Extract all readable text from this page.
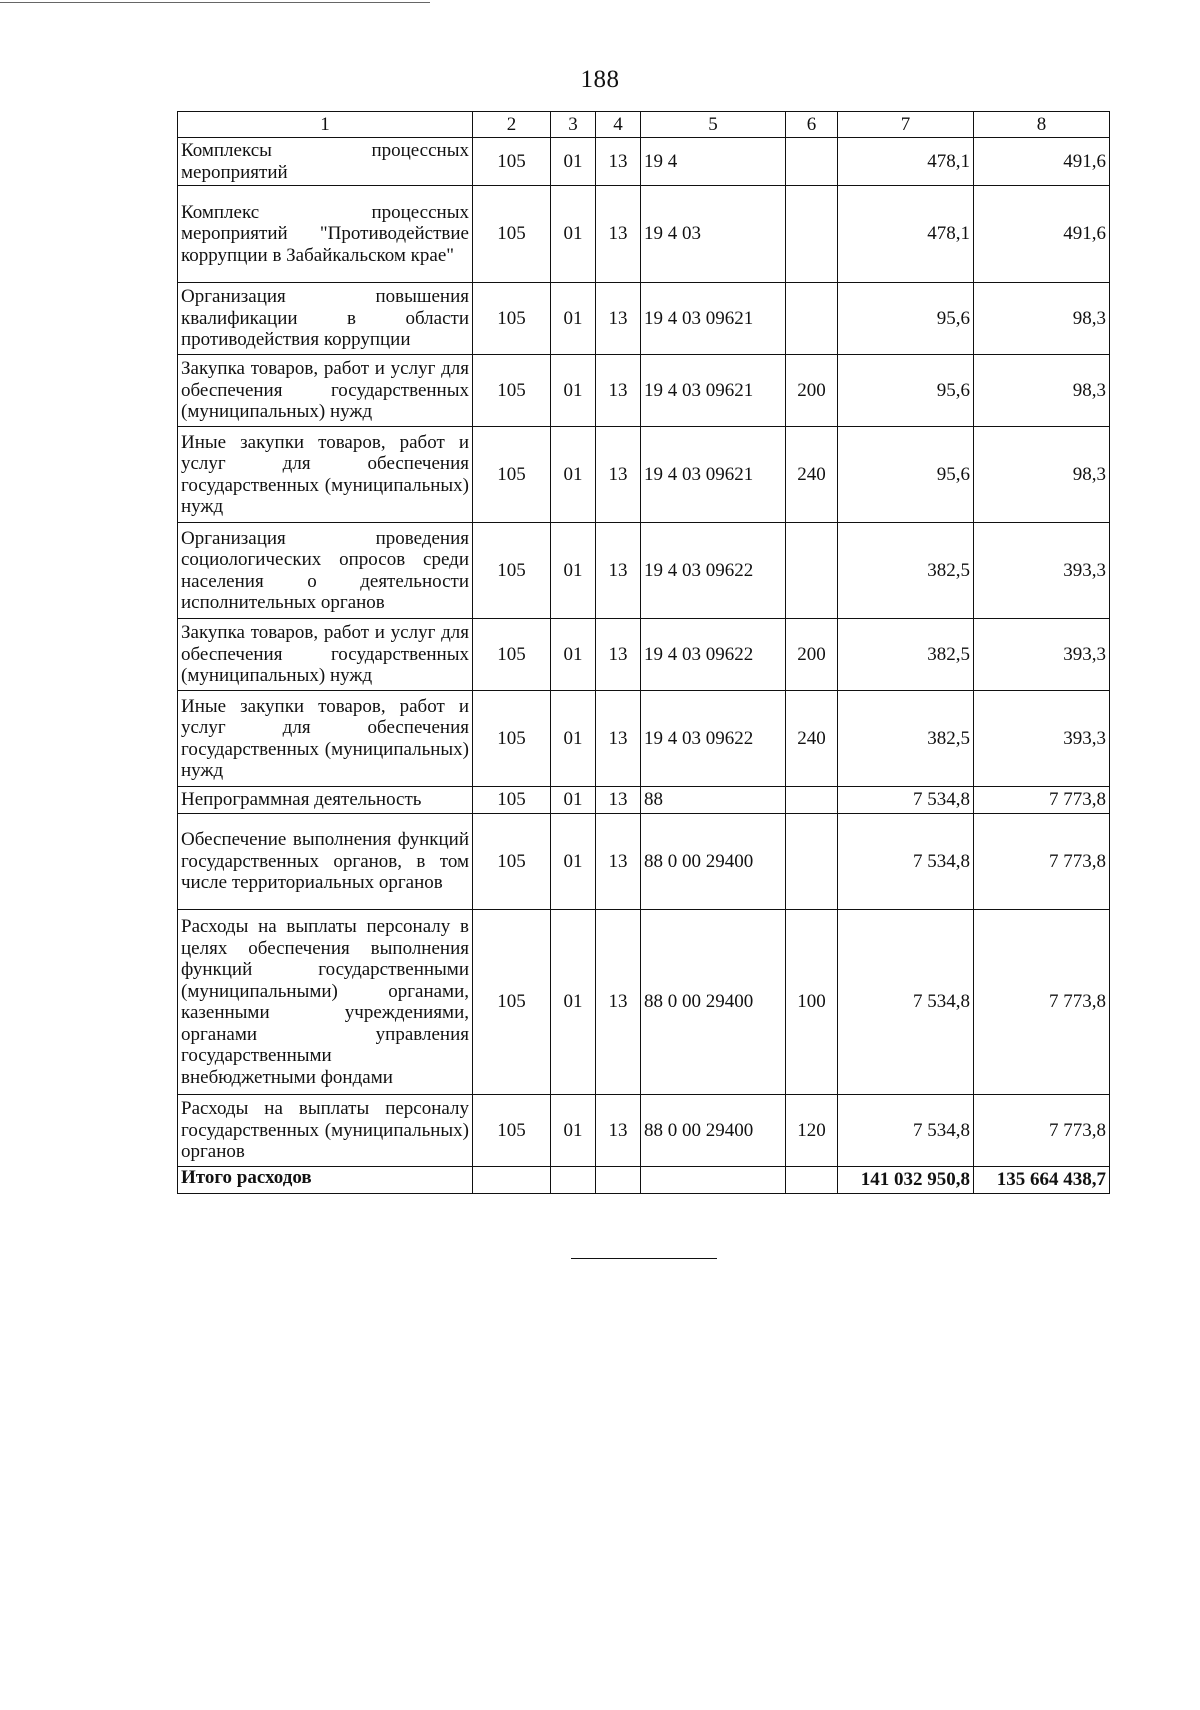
188
1	2	3	4	5	6	7	8
Комплексы процессных мероприятий	105	01	13	19 4		478,1	491,6
Комплекс процессных мероприятий "Противодействие коррупции в Забайкальском крае"	105	01	13	19 4 03		478,1	491,6
Организация повышения квалификации в области противодействия коррупции	105	01	13	19 4 03 09621		95,6	98,3
Закупка товаров, работ и услуг для обеспечения государственных (муниципальных) нужд	105	01	13	19 4 03 09621	200	95,6	98,3
Иные закупки товаров, работ и услуг для обеспечения государственных (муниципальных) нужд	105	01	13	19 4 03 09621	240	95,6	98,3
Организация проведения социологических опросов среди населения о деятельности исполнительных органов	105	01	13	19 4 03 09622		382,5	393,3
Закупка товаров, работ и услуг для обеспечения государственных (муниципальных) нужд	105	01	13	19 4 03 09622	200	382,5	393,3
Иные закупки товаров, работ и услуг для обеспечения государственных (муниципальных) нужд	105	01	13	19 4 03 09622	240	382,5	393,3
Непрограммная деятельность	105	01	13	88		7 534,8	7 773,8
Обеспечение выполнения функций государственных органов, в том числе территориальных органов	105	01	13	88 0 00 29400		7 534,8	7 773,8
Расходы на выплаты персоналу в целях обеспечения выполнения функций государственными (муниципальными) органами, казенными учреждениями, органами управления государственными внебюджетными фондами	105	01	13	88 0 00 29400	100	7 534,8	7 773,8
Расходы на выплаты персоналу государственных (муниципальных) органов	105	01	13	88 0 00 29400	120	7 534,8	7 773,8
Итого расходов						141 032 950,8	135 664 438,7
